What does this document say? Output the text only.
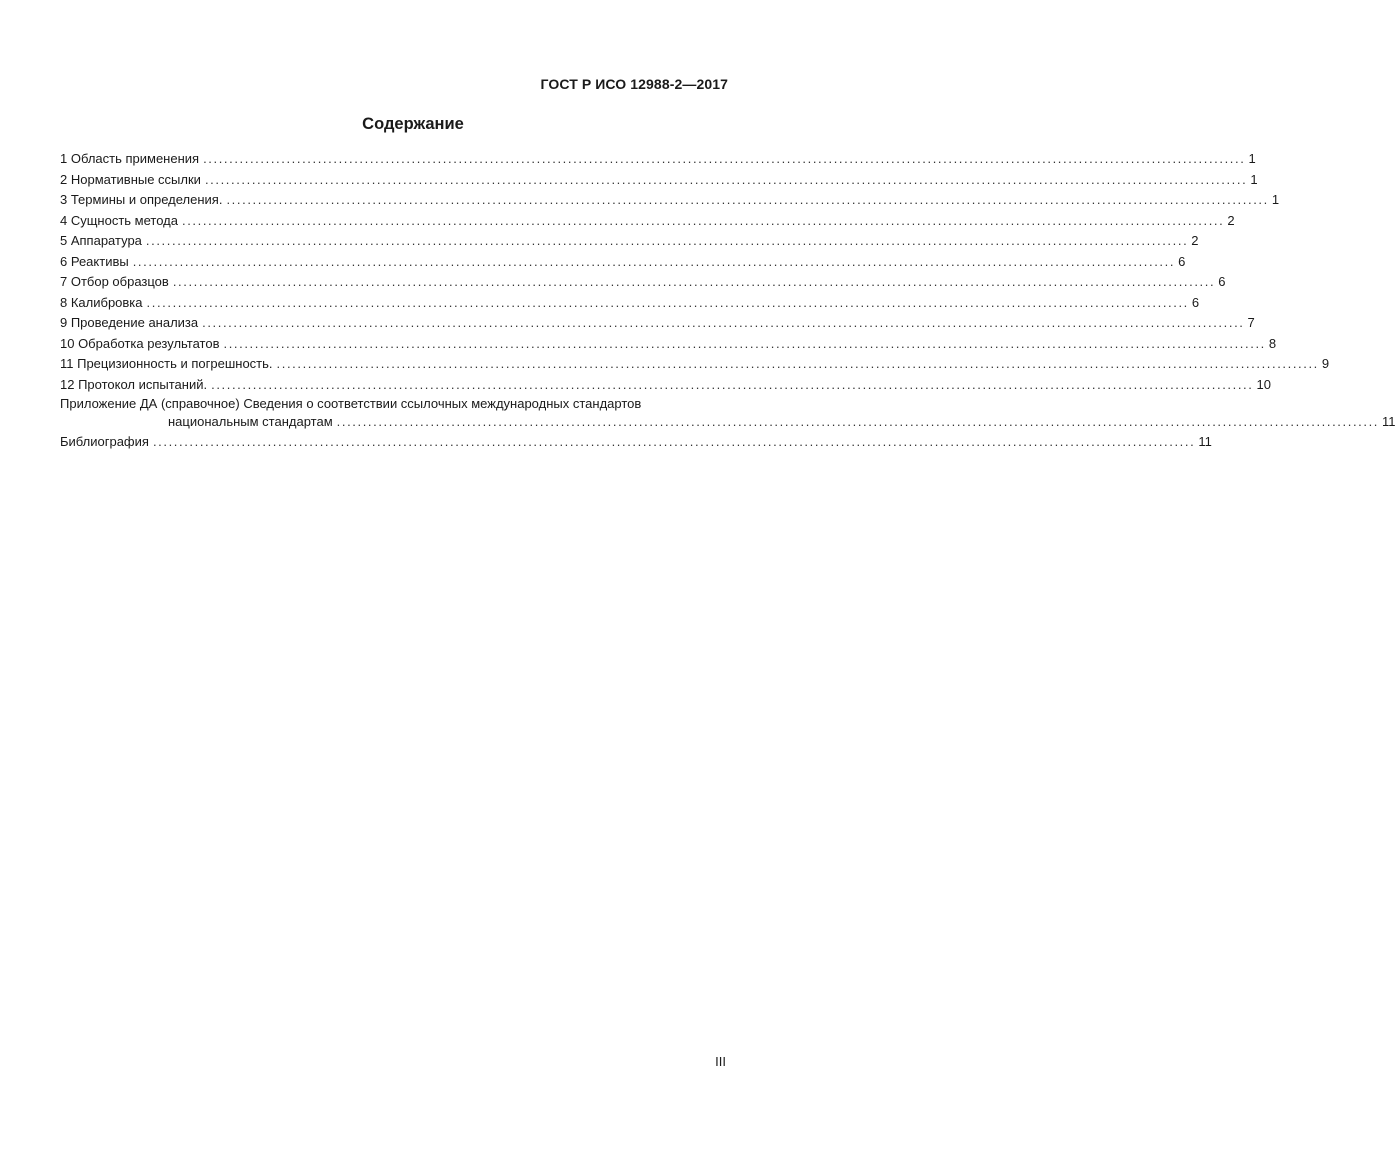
ГОСТ Р ИСО 12988-2—2017
Содержание
1 Область применения ........................................................................................................................................................................................................ 1
2 Нормативные ссылки ........................................................................................................................................................................................................ 1
3 Термины и определения. ........................................................................................................................................................................................................ 1
4 Сущность метода ........................................................................................................................................................................................................ 2
5 Аппаратура ........................................................................................................................................................................................................ 2
6 Реактивы ........................................................................................................................................................................................................ 6
7 Отбор образцов ........................................................................................................................................................................................................ 6
8 Калибровка ........................................................................................................................................................................................................ 6
9 Проведение анализа ........................................................................................................................................................................................................ 7
10 Обработка результатов ........................................................................................................................................................................................................ 8
11 Прецизионность и погрешность. ........................................................................................................................................................................................................ 9
12 Протокол испытаний. ........................................................................................................................................................................................................ 10
Приложение ДА (справочное) Сведения о соответствии ссылочных международных стандартов
национальным стандартам ........................................................................................................................................................................................................ 11
Библиография ........................................................................................................................................................................................................ 11
III
